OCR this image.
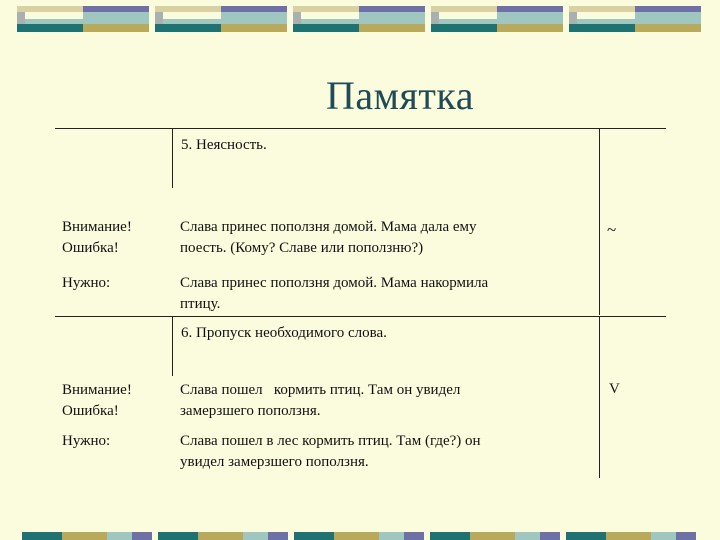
Памятка
5. Неясность.
Внимание!
Ошибка!
Слава принес поползня домой. Мама дала ему
поесть. (Кому? Славе или поползню?)
~
Нужно:	Слава принес поползня домой. Мама накормила
птицу.
6. Пропуск необходимого слова.
Внимание!
Ошибка!
Слава пошел   кормить птиц. Там он увидел
замерзшего поползня.
V
Нужно:	Слава пошел в лес кормить птиц. Там (где?) он
увидел замерзшего поползня.
